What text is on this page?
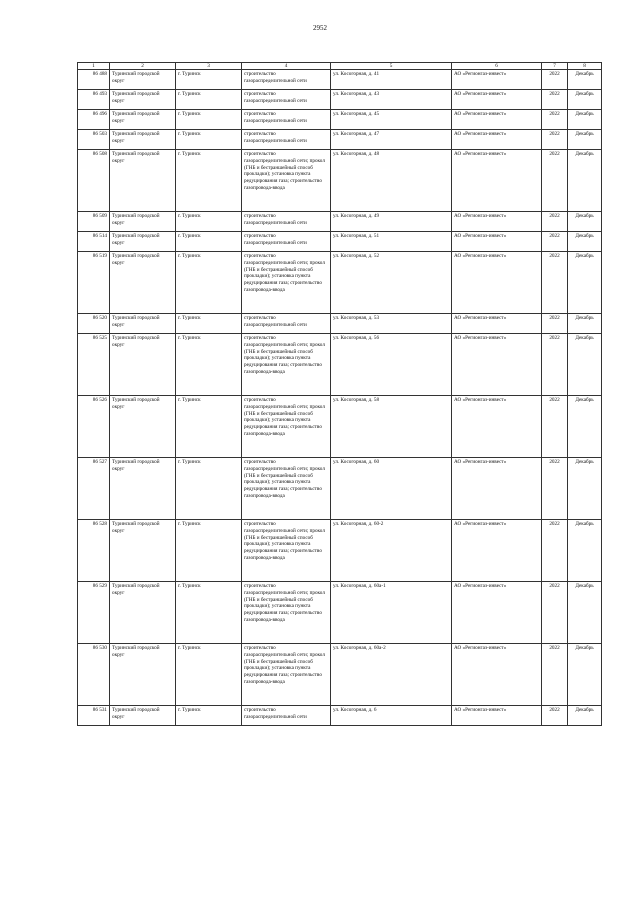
2952
1	2	3	4	5	6	7	8
86 488	Туринский городской округ	г. Туринск	строительство газораспределительной сети	ул. Косогорная, д. 41	АО «Регионгаз-инвест»	2022	Декабрь
86 493	Туринский городской округ	г. Туринск	строительство газораспределительной сети	ул. Косогорная, д. 43	АО «Регионгаз-инвест»	2022	Декабрь
86 496	Туринский городской округ	г. Туринск	строительство газораспределительной сети	ул. Косогорная, д. 45	АО «Регионгаз-инвест»	2022	Декабрь
86 503	Туринский городской округ	г. Туринск	строительство газораспределительной сети	ул. Косогорная, д. 47	АО «Регионгаз-инвест»	2022	Декабрь
86 508	Туринский городской округ	г. Туринск	строительство газораспределительной сети; прокол (ГНБ и бестраншейный способ прокладки); установка пункта редуцирования газа; строительство газопровода-ввода	ул. Косогорная, д. 48	АО «Регионгаз-инвест»	2022	Декабрь
86 509	Туринский городской округ	г. Туринск	строительство газораспределительной сети	ул. Косогорная, д. 49	АО «Регионгаз-инвест»	2022	Декабрь
86 514	Туринский городской округ	г. Туринск	строительство газораспределительной сети	ул. Косогорная, д. 51	АО «Регионгаз-инвест»	2022	Декабрь
86 519	Туринский городской округ	г. Туринск	строительство газораспределительной сети; прокол (ГНБ и бестраншейный способ прокладки); установка пункта редуцирования газа; строительство газопровода-ввода	ул. Косогорная, д. 52	АО «Регионгаз-инвест»	2022	Декабрь
86 520	Туринский городской округ	г. Туринск	строительство газораспределительной сети	ул. Косогорная, д. 53	АО «Регионгаз-инвест»	2022	Декабрь
86 525	Туринский городской округ	г. Туринск	строительство газораспределительной сети; прокол (ГНБ и бестраншейный способ прокладки); установка пункта редуцирования газа; строительство газопровода-ввода	ул. Косогорная, д. 56	АО «Регионгаз-инвест»	2022	Декабрь
86 526	Туринский городской округ	г. Туринск	строительство газораспределительной сети; прокол (ГНБ и бестраншейный способ прокладки); установка пункта редуцирования газа; строительство газопровода-ввода	ул. Косогорная, д. 58	АО «Регионгаз-инвест»	2022	Декабрь
86 527	Туринский городской округ	г. Туринск	строительство газораспределительной сети; прокол (ГНБ и бестраншейный способ прокладки); установка пункта редуцирования газа; строительство газопровода-ввода	ул. Косогорная, д. 60	АО «Регионгаз-инвест»	2022	Декабрь
86 528	Туринский городской округ	г. Туринск	строительство газораспределительной сети; прокол (ГНБ и бестраншейный способ прокладки); установка пункта редуцирования газа; строительство газопровода-ввода	ул. Косогорная, д. 60-2	АО «Регионгаз-инвест»	2022	Декабрь
86 529	Туринский городской округ	г. Туринск	строительство газораспределительной сети; прокол (ГНБ и бестраншейный способ прокладки); установка пункта редуцирования газа; строительство газопровода-ввода	ул. Косогорная, д. 60а-1	АО «Регионгаз-инвест»	2022	Декабрь
86 530	Туринский городской округ	г. Туринск	строительство газораспределительной сети; прокол (ГНБ и бестраншейный способ прокладки); установка пункта редуцирования газа; строительство газопровода-ввода	ул. Косогорная, д. 60а-2	АО «Регионгаз-инвест»	2022	Декабрь
86 531	Туринский городской округ	г. Туринск	строительство газораспределительной сети	ул. Косогорная, д. 6	АО «Регионгаз-инвест»	2022	Декабрь
